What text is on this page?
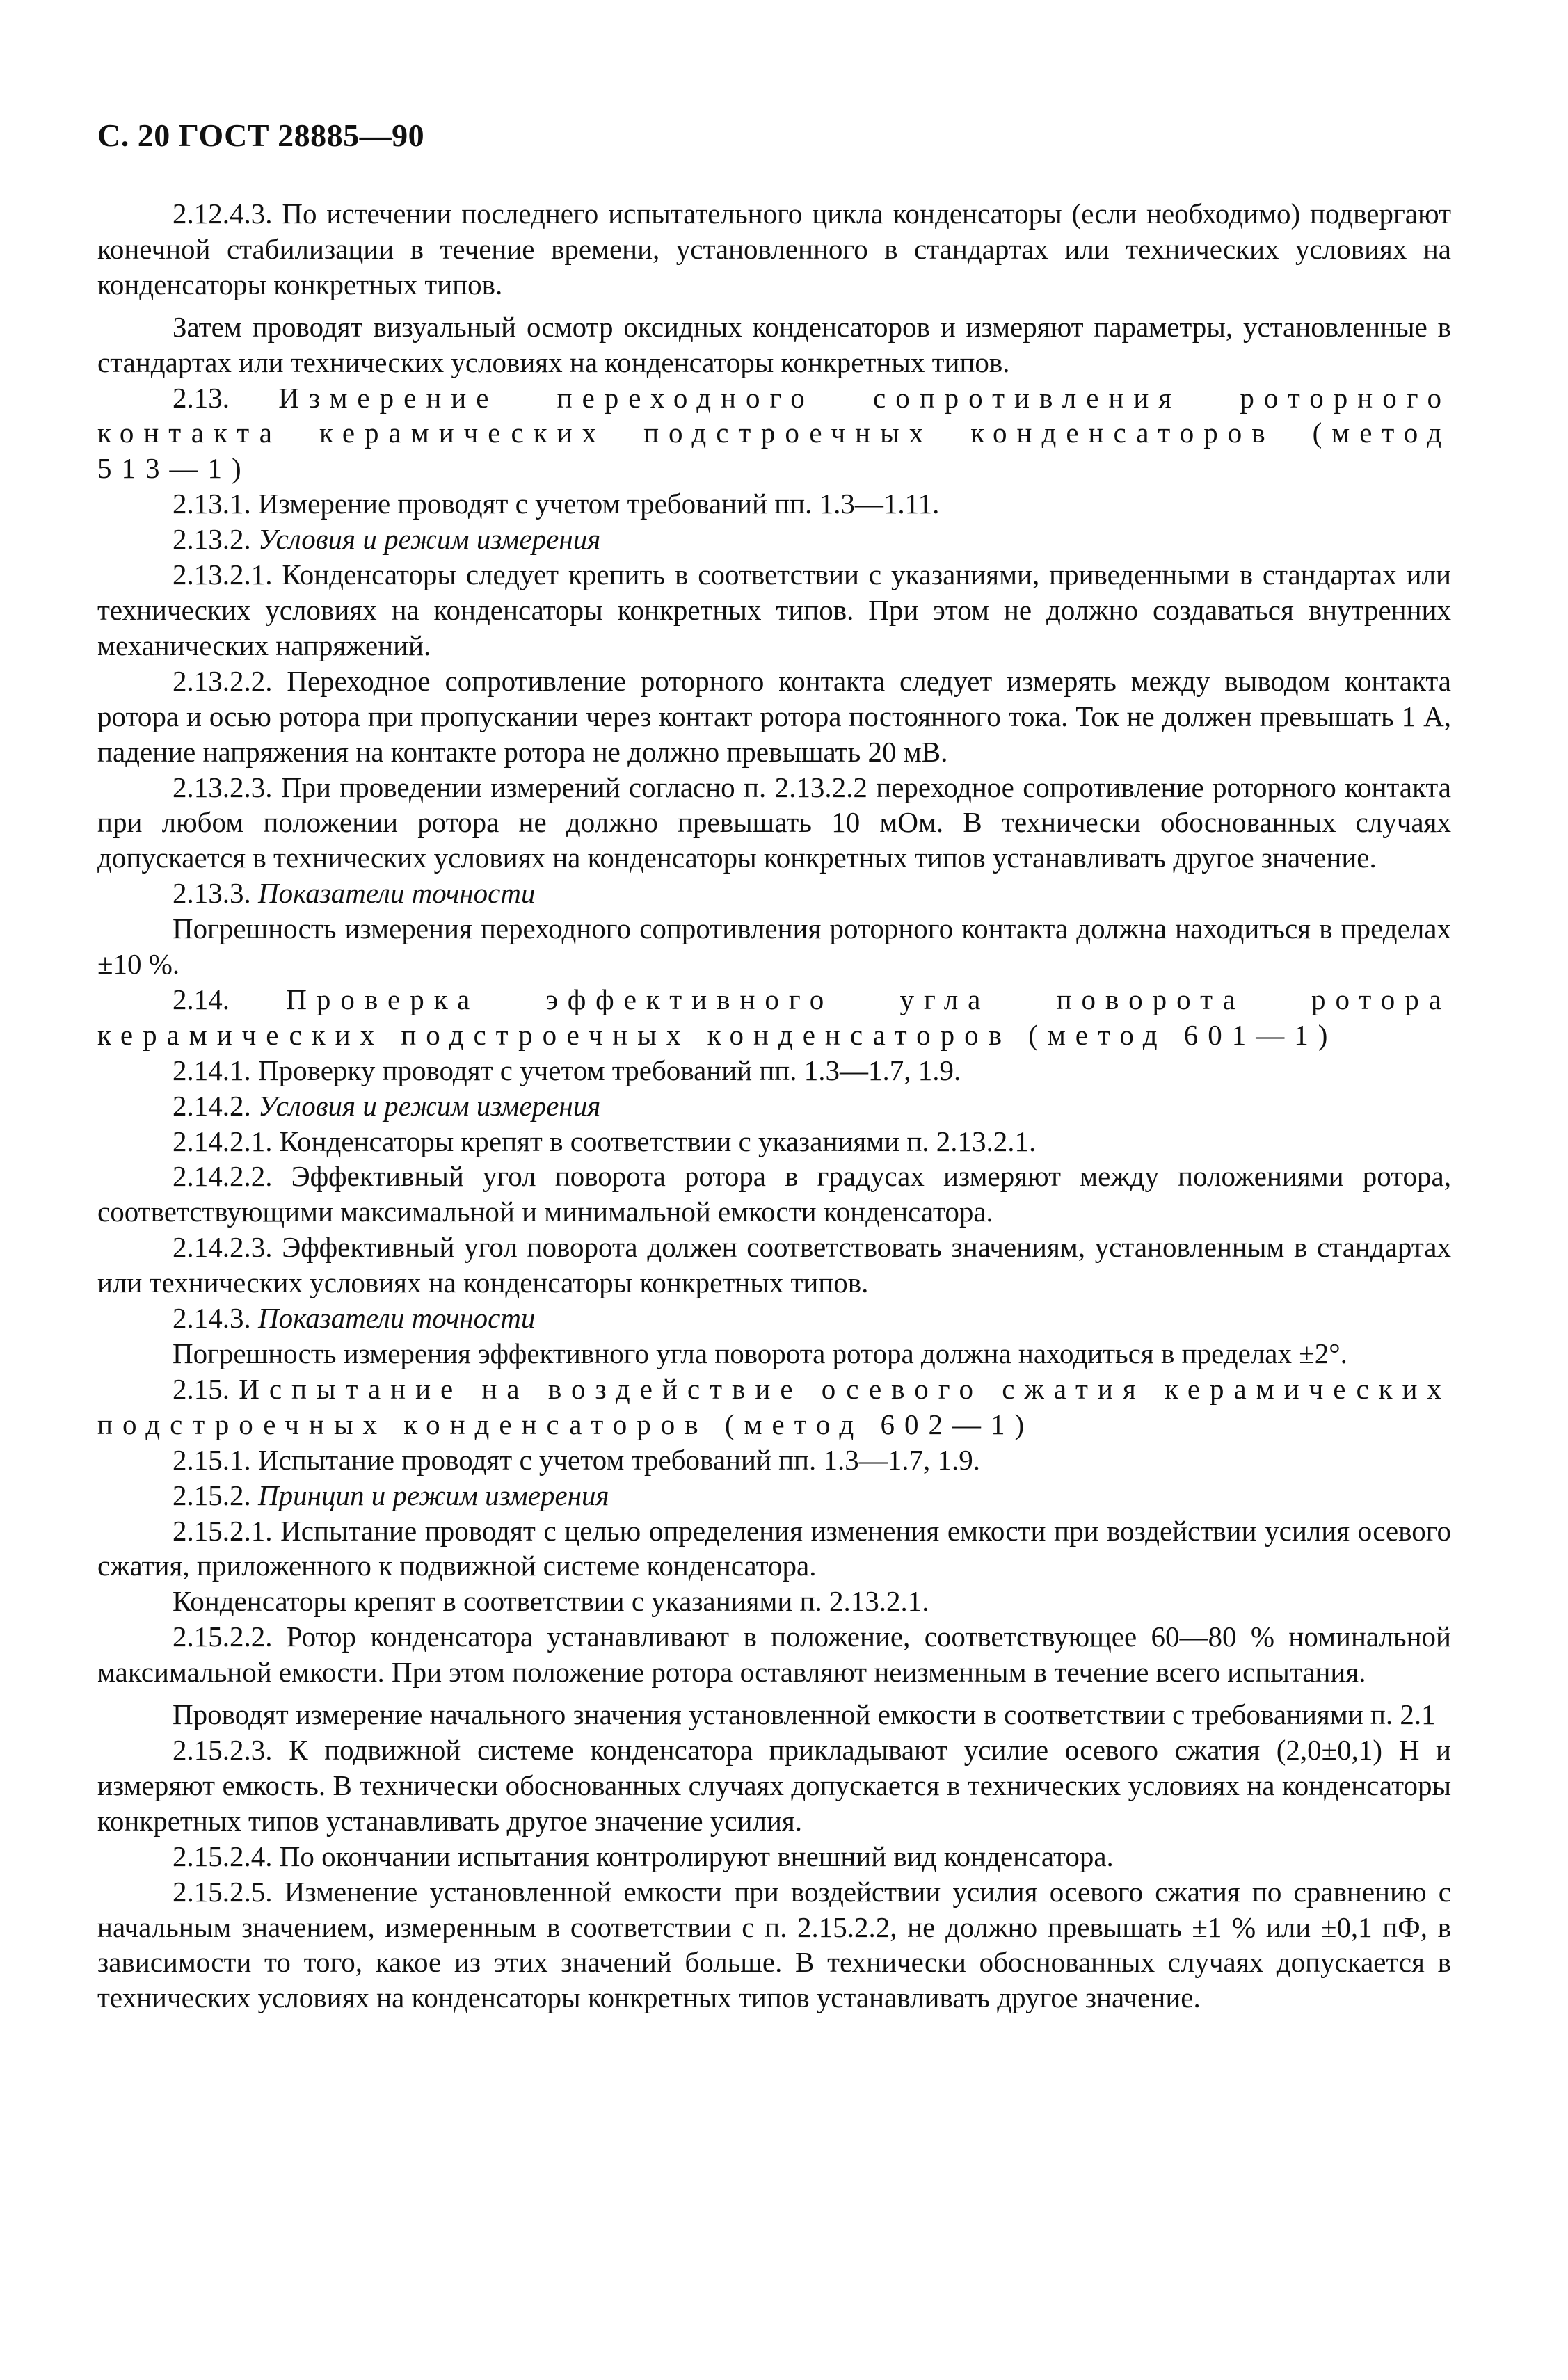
С. 20 ГОСТ 28885—90

2.12.4.3. По истечении последнего испытательного цикла конденсаторы (если необходимо) подвергают конечной стабилизации в течение времени, установленного в стандартах или технических условиях на конденсаторы конкретных типов.

Затем проводят визуальный осмотр оксидных конденсаторов и измеряют параметры, установленные в стандартах или технических условиях на конденсаторы конкретных типов.

2.13. Измерение переходного сопротивления роторного контакта керамических подстроечных конденсаторов (метод 513—1)

2.13.1. Измерение проводят с учетом требований пп. 1.3—1.11.

2.13.2. Условия и режим измерения

2.13.2.1. Конденсаторы следует крепить в соответствии с указаниями, приведенными в стандартах или технических условиях на конденсаторы конкретных типов. При этом не должно создаваться внутренних механических напряжений.

2.13.2.2. Переходное сопротивление роторного контакта следует измерять между выводом контакта ротора и осью ротора при пропускании через контакт ротора постоянного тока. Ток не должен превышать 1 А, падение напряжения на контакте ротора не должно превышать 20 мВ.

2.13.2.3. При проведении измерений согласно п. 2.13.2.2 переходное сопротивление роторного контакта при любом положении ротора не должно превышать 10 мОм. В технически обоснованных случаях допускается в технических условиях на конденсаторы конкретных типов устанавливать другое значение.

2.13.3. Показатели точности

Погрешность измерения переходного сопротивления роторного контакта должна находиться в пределах ±10 %.

2.14. Проверка эффективного угла поворота ротора керамических подстроечных конденсаторов (метод 601—1)

2.14.1. Проверку проводят с учетом требований пп. 1.3—1.7, 1.9.

2.14.2. Условия и режим измерения

2.14.2.1. Конденсаторы крепят в соответствии с указаниями п. 2.13.2.1.

2.14.2.2. Эффективный угол поворота ротора в градусах измеряют между положениями ротора, соответствующими максимальной и минимальной емкости конденсатора.

2.14.2.3. Эффективный угол поворота должен соответствовать значениям, установленным в стандартах или технических условиях на конденсаторы конкретных типов.

2.14.3. Показатели точности

Погрешность измерения эффективного угла поворота ротора должна находиться в пределах ±2°.

2.15. Испытание на воздействие осевого сжатия керамических подстроечных конденсаторов (метод 602—1)

2.15.1. Испытание проводят с учетом требований пп. 1.3—1.7, 1.9.

2.15.2. Принцип и режим измерения

2.15.2.1. Испытание проводят с целью определения изменения емкости при воздействии усилия осевого сжатия, приложенного к подвижной системе конденсатора.

Конденсаторы крепят в соответствии с указаниями п. 2.13.2.1.

2.15.2.2. Ротор конденсатора устанавливают в положение, соответствующее 60—80 % номинальной максимальной емкости. При этом положение ротора оставляют неизменным в течение всего испытания.

Проводят измерение начального значения установленной емкости в соответствии с требованиями п. 2.1

2.15.2.3. К подвижной системе конденсатора прикладывают усилие осевого сжатия (2,0±0,1) Н и измеряют емкость. В технически обоснованных случаях допускается в технических условиях на конденсаторы конкретных типов устанавливать другое значение усилия.

2.15.2.4. По окончании испытания контролируют внешний вид конденсатора.

2.15.2.5. Изменение установленной емкости при воздействии усилия осевого сжатия по сравнению с начальным значением, измеренным в соответствии с п. 2.15.2.2, не должно превышать ±1 % или ±0,1 пФ, в зависимости то того, какое из этих значений больше. В технически обоснованных случаях допускается в технических условиях на конденсаторы конкретных типов устанавливать другое значение.
